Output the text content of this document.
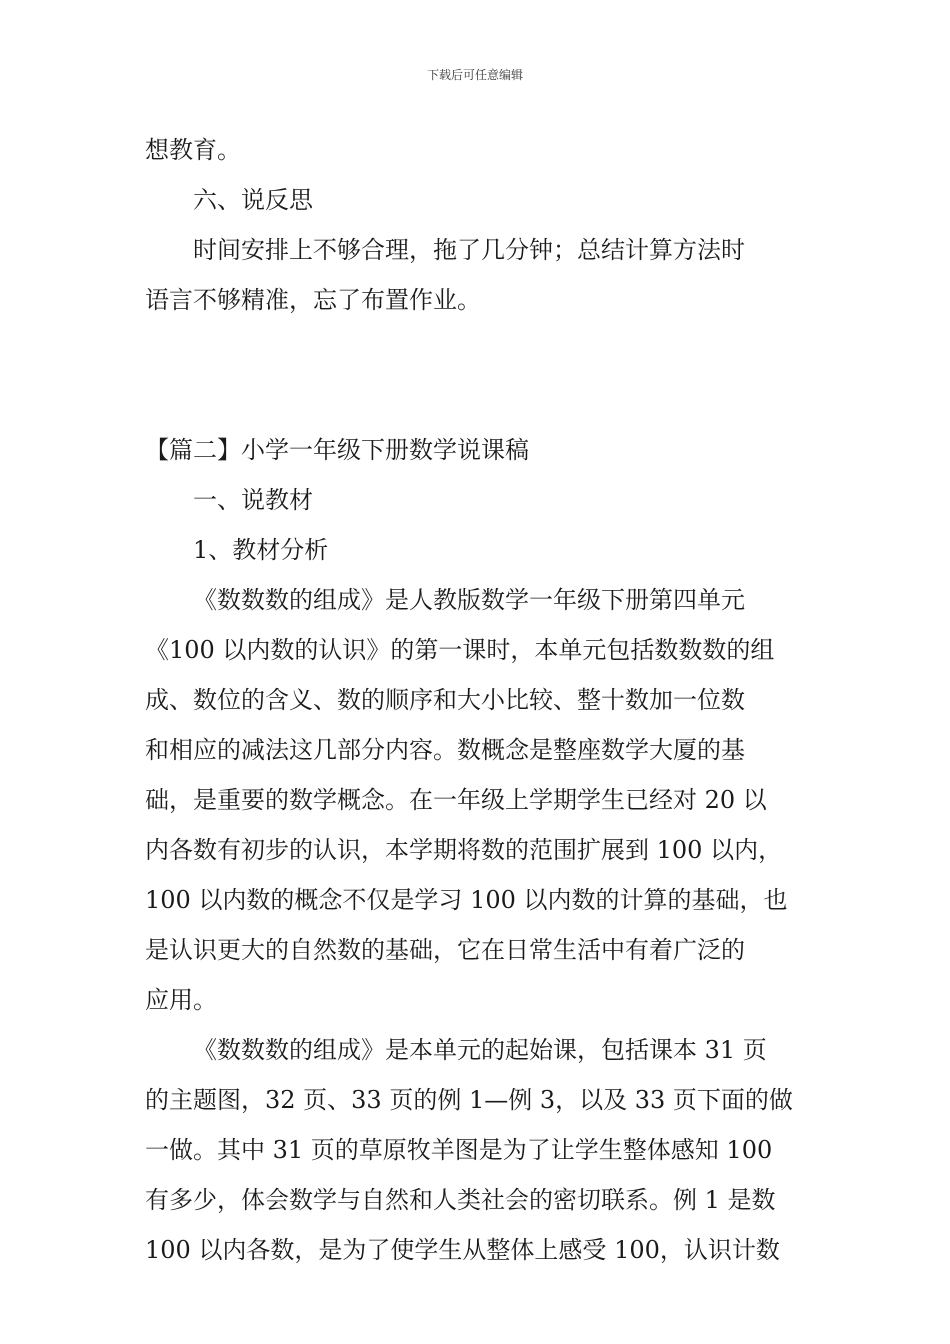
下载后可任意编辑
想教育。
六、说反思
时间安排上不够合理，拖了几分钟；总结计算方法时
语言不够精准，忘了布置作业。
【篇二】小学一年级下册数学说课稿
一、说教材
1、教材分析
《数数数的组成》是人教版数学一年级下册第四单元
《100 以内数的认识》的第一课时，本单元包括数数数的组
成、数位的含义、数的顺序和大小比较、整十数加一位数
和相应的减法这几部分内容。数概念是整座数学大厦的基
础，是重要的数学概念。在一年级上学期学生已经对 20 以
内各数有初步的认识，本学期将数的范围扩展到 100 以内，
100 以内数的概念不仅是学习 100 以内数的计算的基础，也
是认识更大的自然数的基础，它在日常生活中有着广泛的
应用。
《数数数的组成》是本单元的起始课，包括课本 31 页
的主题图，32 页、33 页的例 1—例 3，以及 33 页下面的做
一做。其中 31 页的草原牧羊图是为了让学生整体感知 100
有多少，体会数学与自然和人类社会的密切联系。例 1 是数
100 以内各数，是为了使学生从整体上感受 100，认识计数
